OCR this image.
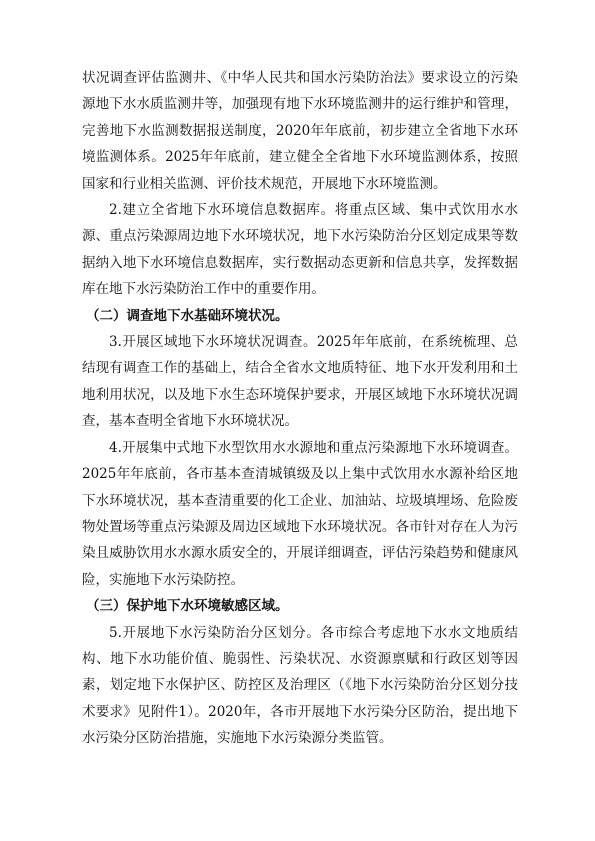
状况调查评估监测井、《中华人民共和国水污染防治法》要求设立的污染源地下水水质监测井等，加强现有地下水环境监测井的运行维护和管理，完善地下水监测数据报送制度，2020年年底前，初步建立全省地下水环境监测体系。2025年年底前，建立健全全省地下水环境监测体系，按照国家和行业相关监测、评价技术规范，开展地下水环境监测。

2.建立全省地下水环境信息数据库。将重点区域、集中式饮用水水源、重点污染源周边地下水环境状况，地下水污染防治分区划定成果等数据纳入地下水环境信息数据库，实行数据动态更新和信息共享，发挥数据库在地下水污染防治工作中的重要作用。

（二）调查地下水基础环境状况。

3.开展区域地下水环境状况调查。2025年年底前，在系统梳理、总结现有调查工作的基础上，结合全省水文地质特征、地下水开发利用和土地利用状况，以及地下水生态环境保护要求，开展区域地下水环境状况调查，基本查明全省地下水环境状况。

4.开展集中式地下水型饮用水水源地和重点污染源地下水环境调查。2025年年底前，各市基本查清城镇级及以上集中式饮用水水源补给区地下水环境状况，基本查清重要的化工企业、加油站、垃圾填埋场、危险废物处置场等重点污染源及周边区域地下水环境状况。各市针对存在人为污染且威胁饮用水水源水质安全的，开展详细调查，评估污染趋势和健康风险，实施地下水污染防控。

（三）保护地下水环境敏感区域。

5.开展地下水污染防治分区划分。各市综合考虑地下水水文地质结构、地下水功能价值、脆弱性、污染状况、水资源禀赋和行政区划等因素，划定地下水保护区、防控区及治理区（《地下水污染防治分区划分技术要求》见附件1）。2020年，各市开展地下水污染分区防治，提出地下水污染分区防治措施，实施地下水污染源分类监管。
